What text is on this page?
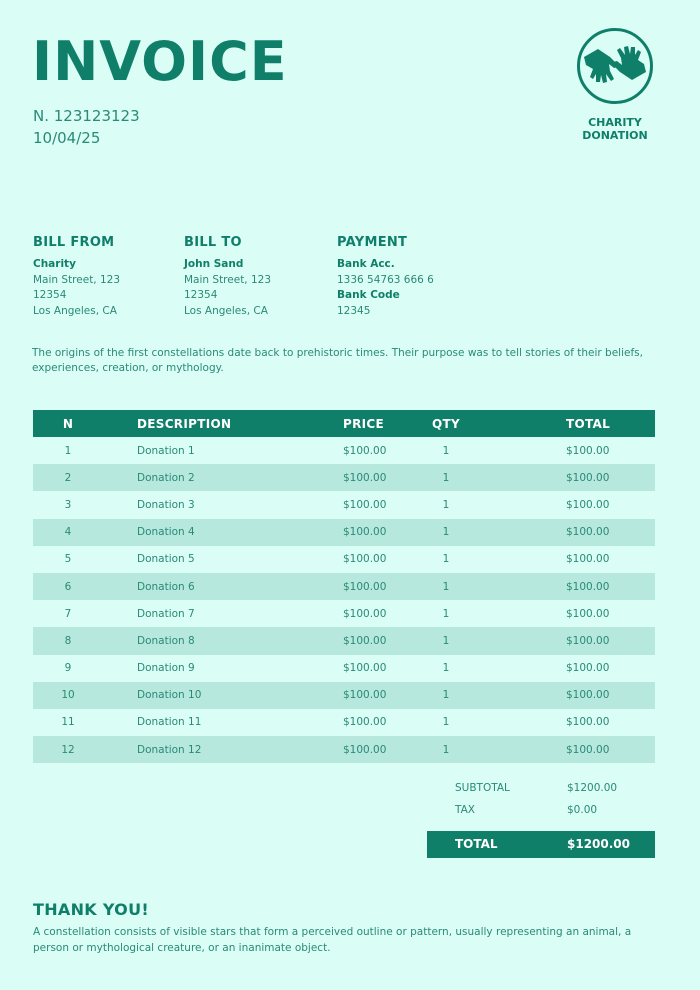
INVOICE
N. 123123123
10/04/25
CHARITY
DONATION
BILL FROM
Charity
Main Street, 123
12354
Los Angeles, CA
BILL TO
John Sand
Main Street, 123
12354
Los Angeles, CA
PAYMENT
Bank Acc.
1336 54763 666 6
Bank Code
12345
The origins of the first constellations date back to prehistoric times. Their purpose was to tell stories of their beliefs, experiences, creation, or mythology.
N	DESCRIPTION	PRICE	QTY	TOTAL
1	Donation 1	$100.00	1	$100.00
2	Donation 2	$100.00	1	$100.00
3	Donation 3	$100.00	1	$100.00
4	Donation 4	$100.00	1	$100.00
5	Donation 5	$100.00	1	$100.00
6	Donation 6	$100.00	1	$100.00
7	Donation 7	$100.00	1	$100.00
8	Donation 8	$100.00	1	$100.00
9	Donation 9	$100.00	1	$100.00
10	Donation 10	$100.00	1	$100.00
11	Donation 11	$100.00	1	$100.00
12	Donation 12	$100.00	1	$100.00
SUBTOTAL	$1200.00
TAX	$0.00
TOTAL	$1200.00
THANK YOU!
A constellation consists of visible stars that form a perceived outline or pattern, usually representing an animal, a person or mythological creature, or an inanimate object.
